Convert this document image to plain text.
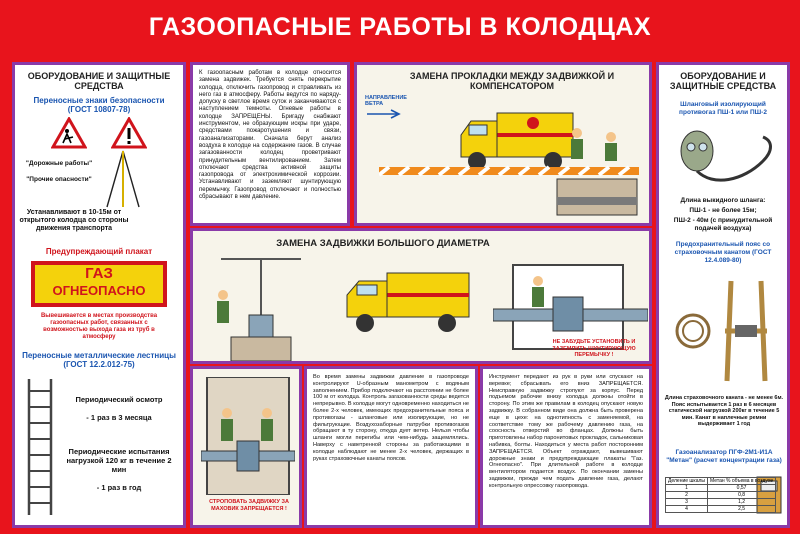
ГАЗООПАСНЫЕ РАБОТЫ В КОЛОДЦАХ
ОБОРУДОВАНИЕ И ЗАЩИТНЫЕ СРЕДСТВА
Переносные знаки безопасности (ГОСТ 10807-78)
"Дорожные работы"
"Прочие опасности"
Устанавливают в 10-15м от открытого колодца со стороны движения транспорта
Предупреждающий плакат
ГАЗ
ОГНЕОПАСНО
Вывешивается в местах производства газоопасных работ, связанных с возможностью выхода газа из труб в атмосферу
Переносные металлические лестницы (ГОСТ 12.2.012-75)
Периодический осмотр
- 1 раз в 3 месяца
Периодические испытания нагрузкой 120 кг в течение 2 мин
- 1 раз в год
К газоопасным работам в колодце относится замена задвижек. Требуется снять перекрытие колодца, отключить газопровод и стравливать из него газ в атмосферу. Работы ведутся по наряду-допуску в светлое время суток и заканчиваются с наступлением темноты. Огневые работы в колодце ЗАПРЕЩЕНЫ. Бригаду снабжают инструментом, не образующим искры при ударе, средствами пожаротушения и связи, газоанализаторами. Сначала берут анализ воздуха в колодце на содержание газов. В случае загазованности колодец проветривают принудительным вентилированием. Затем отключают средства активной защиты газопровода от электрохимической коррозии. Устанавливают и заземляют шунтирующую перемычку. Газопровод отключают и полностью сбрасывают в нем давление.
ЗАМЕНА ПРОКЛАДКИ МЕЖДУ ЗАДВИЖКОЙ И КОМПЕНСАТОРОМ
НАПРАВЛЕНИЕ ВЕТРА
ЗАМЕНА ЗАДВИЖКИ БОЛЬШОГО ДИАМЕТРА
НЕ ЗАБУДЬТЕ УСТАНОВИТЬ И ЗАЗЕМЛИТЬ ШУНТИРУЮЩУЮ ПЕРЕМЫЧКУ !
СТРОПОВАТЬ ЗАДВИЖКУ ЗА МАХОВИК ЗАПРЕЩАЕТСЯ !
Во время замены задвижки давление в газопроводе контролируют U-образным манометром с водяным заполнением. Прибор подключают на расстоянии не более 100 м от колодца. Контроль загазованности среды ведется непрерывно. В колодце могут одновременно находиться не более 2-х человек, имеющих предохранительные пояса и противогазы - шланговые или изолирующие, но не фильтрующие. Воздухозаборные патрубки противогазов обращают в ту сторону, откуда дует ветер. Нельзя чтобы шланги могли перегибы или чем-нибудь защемлялись. Наверху с наветренной стороны за работающими в колодце наблюдают не менее 2-х человек, держащих в руках страховочные канаты поясов.
Инструмент передают из рук в руки или спускают на веревке; сбрасывать его вниз ЗАПРЕЩАЕТСЯ. Неисправную задвижку стропуют за корпус. Перед подъемом рабочие внизу колодца должны отойти в сторону. По этим же правилам в колодец опускают новую задвижку. В собранном виде она должна быть проверена еще в цехе: на однотипность с заменяемой, на соответствие тому же рабочему давлению газа, на соосность отверстий во фланцах. Должны быть приготовлены набор паронитовых прокладок, сальниковая набивка, болты. Находиться у места работ посторонним ЗАПРЕЩАЕТСЯ. Объект ограждают, вывешивают дорожные знаки и предупреждающие плакаты "Газ. Огнеопасно". При длительной работе в колодце вентилятором подается воздух. По окончании замены задвижки, прежде чем подать давление газа, делают контрольную опрессовку газопровода.
ОБОРУДОВАНИЕ И ЗАЩИТНЫЕ СРЕДСТВА
Шланговый изолирующий противогаз ПШ-1 или ПШ-2
Длина выкидного шланга:
ПШ-1 - не более 15м;
ПШ-2 - 40м (с принудительной подачей воздуха)
Предохранительный пояс со страховочным канатом (ГОСТ 12.4.089-80)
Длина страховочного каната - не менее 6м. Пояс испытывается 1 раз в 6 месяцев статической нагрузкой 200кг в течение 5 мин. Канат в наплечные ремни выдерживает 1 год
Газоанализатор ПГФ-2М1-И1А "Метан" (расчет концентрации газа)
Деление шкалы	Метан % объема в воздухе
1	0,57
2	0,8
3	1,2
4	2,5
